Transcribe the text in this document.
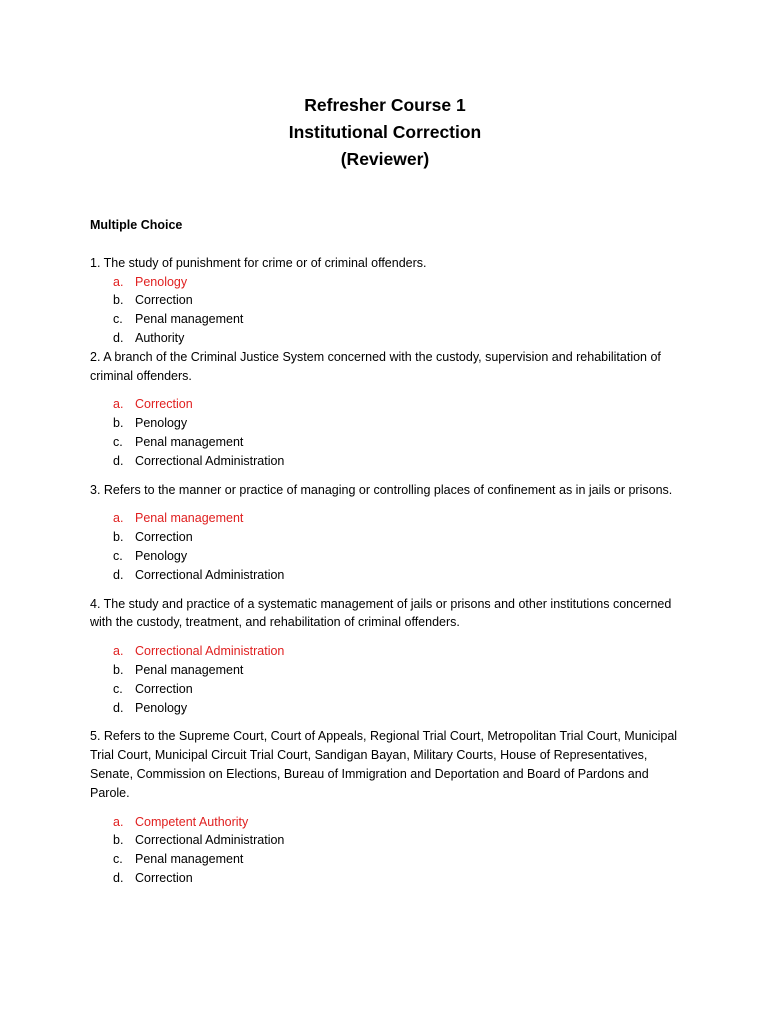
Refresher Course 1

Institutional Correction

(Reviewer)

Multiple Choice

1. The study of punishment for crime or of criminal offenders.

a. Penology
b. Correction
c. Penal management
d. Authority

2. A branch of the Criminal Justice System concerned with the custody, supervision and rehabilitation of criminal offenders.

a. Correction
b. Penology
c. Penal management
d. Correctional Administration

3. Refers to the manner or practice of managing or controlling places of confinement as in jails or prisons.

a. Penal management
b. Correction
c. Penology
d. Correctional Administration

4. The study and practice of a systematic management of jails or prisons and other institutions concerned with the custody, treatment, and rehabilitation of criminal offenders.

a. Correctional Administration
b. Penal management
c. Correction
d. Penology

5. Refers to the Supreme Court, Court of Appeals, Regional Trial Court, Metropolitan Trial Court, Municipal Trial Court, Municipal Circuit Trial Court, Sandigan Bayan, Military Courts, House of Representatives, Senate, Commission on Elections, Bureau of Immigration and Deportation and Board of Pardons and Parole.

a. Competent Authority
b. Correctional Administration
c. Penal management
d. Correction
